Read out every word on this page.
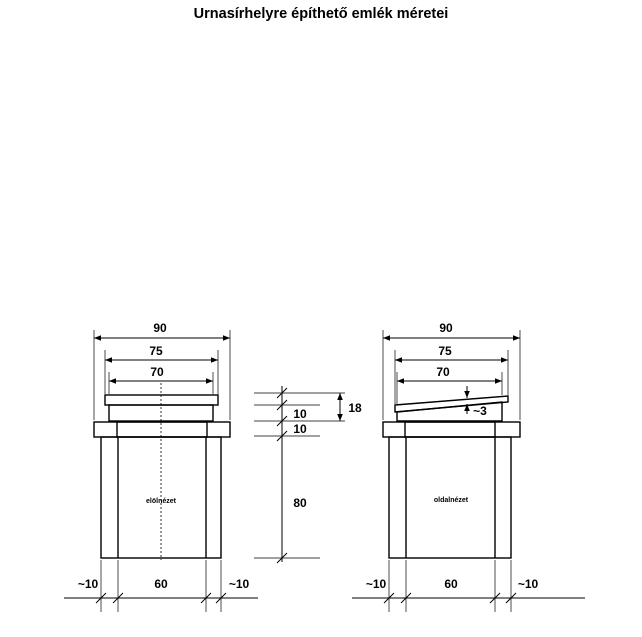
Urnasírhelyre építhető emlék méretei
elölnézet
90
75
70
~10	60	~10
18
10
10
80	oldalnézet
~3
90
75
70
~10	60	~10
